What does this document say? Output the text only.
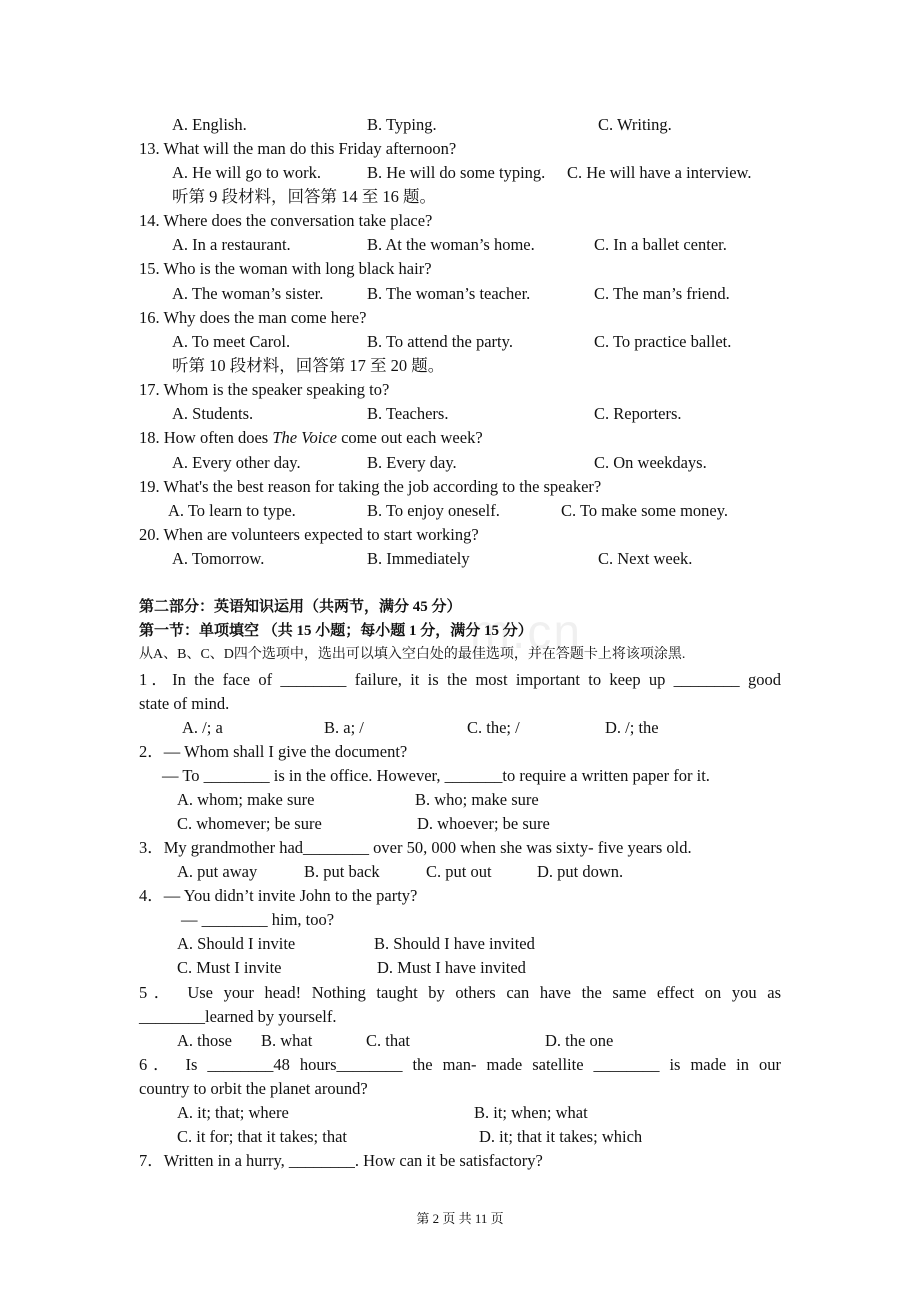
A. English.	B. Typing.	C. Writing.
13. What will the man do this Friday afternoon?
A. He will go to work.	B. He will do some typing. C. He will have a interview.
听第 9 段材料，回答第 14 至 16 题。
14. Where does the conversation take place?
A. In a restaurant.	B. At the woman’s home.	C. In a ballet center.
15. Who is the woman with long black hair?
A. The woman’s sister.	B. The woman’s teacher.	C. The man’s friend.
16. Why does the man come here?
A. To meet Carol.	B. To attend the party.	C. To practice ballet.
听第 10 段材料，回答第 17 至 20 题。
17. Whom is the speaker speaking to?
A. Students.	B. Teachers.	C. Reporters.
18. How often does The Voice come out each week?
A. Every other day.	B. Every day.	C. On weekdays.
19. What's the best reason for taking the job according to the speaker?
A. To learn to type.	B. To enjoy oneself.	C. To make some money.
20. When are volunteers expected to start working?
A. Tomorrow.	B. Immediately	C. Next week.
m.cn
第二部分：英语知识运用（共两节，满分 45 分）
第一节：单项填空 （共 15 小题；每小题 1 分，满分 15 分）
从A、B、C、D四个选项中，选出可以填入空白处的最佳选项，并在答题卡上将该项涂黑.
1．In the face of ________ failure, it is the most important to keep up ________ good
state of mind.
A. /; a	B. a; /	C. the; /	D. /; the
2．— Whom shall I give the document?
— To ________ is in the office. However, _______to require a written paper for it.
A. whom; make sure	B. who; make sure
C. whomever; be sure	D. whoever; be sure
3．My grandmother had________ over 50, 000 when she was sixty- five years old.
A. put away	B. put back	C. put out	D. put down.
4．— You didn’t invite John to the party?
— ________ him, too?
A. Should I invite	B. Should I have invited
C. Must I invite	D. Must I have invited
5． Use your head! Nothing taught by others can have the same effect on you as
________learned by yourself.
A. those B. what	C. that	D. the one
6． Is ________48 hours________ the man- made satellite ________ is made in our
country to orbit the planet around?
A. it; that; where	B. it; when; what
C. it for; that it takes; that	D. it; that it takes; which
7．Written in a hurry, ________. How can it be satisfactory?
第 2 页 共 11 页
